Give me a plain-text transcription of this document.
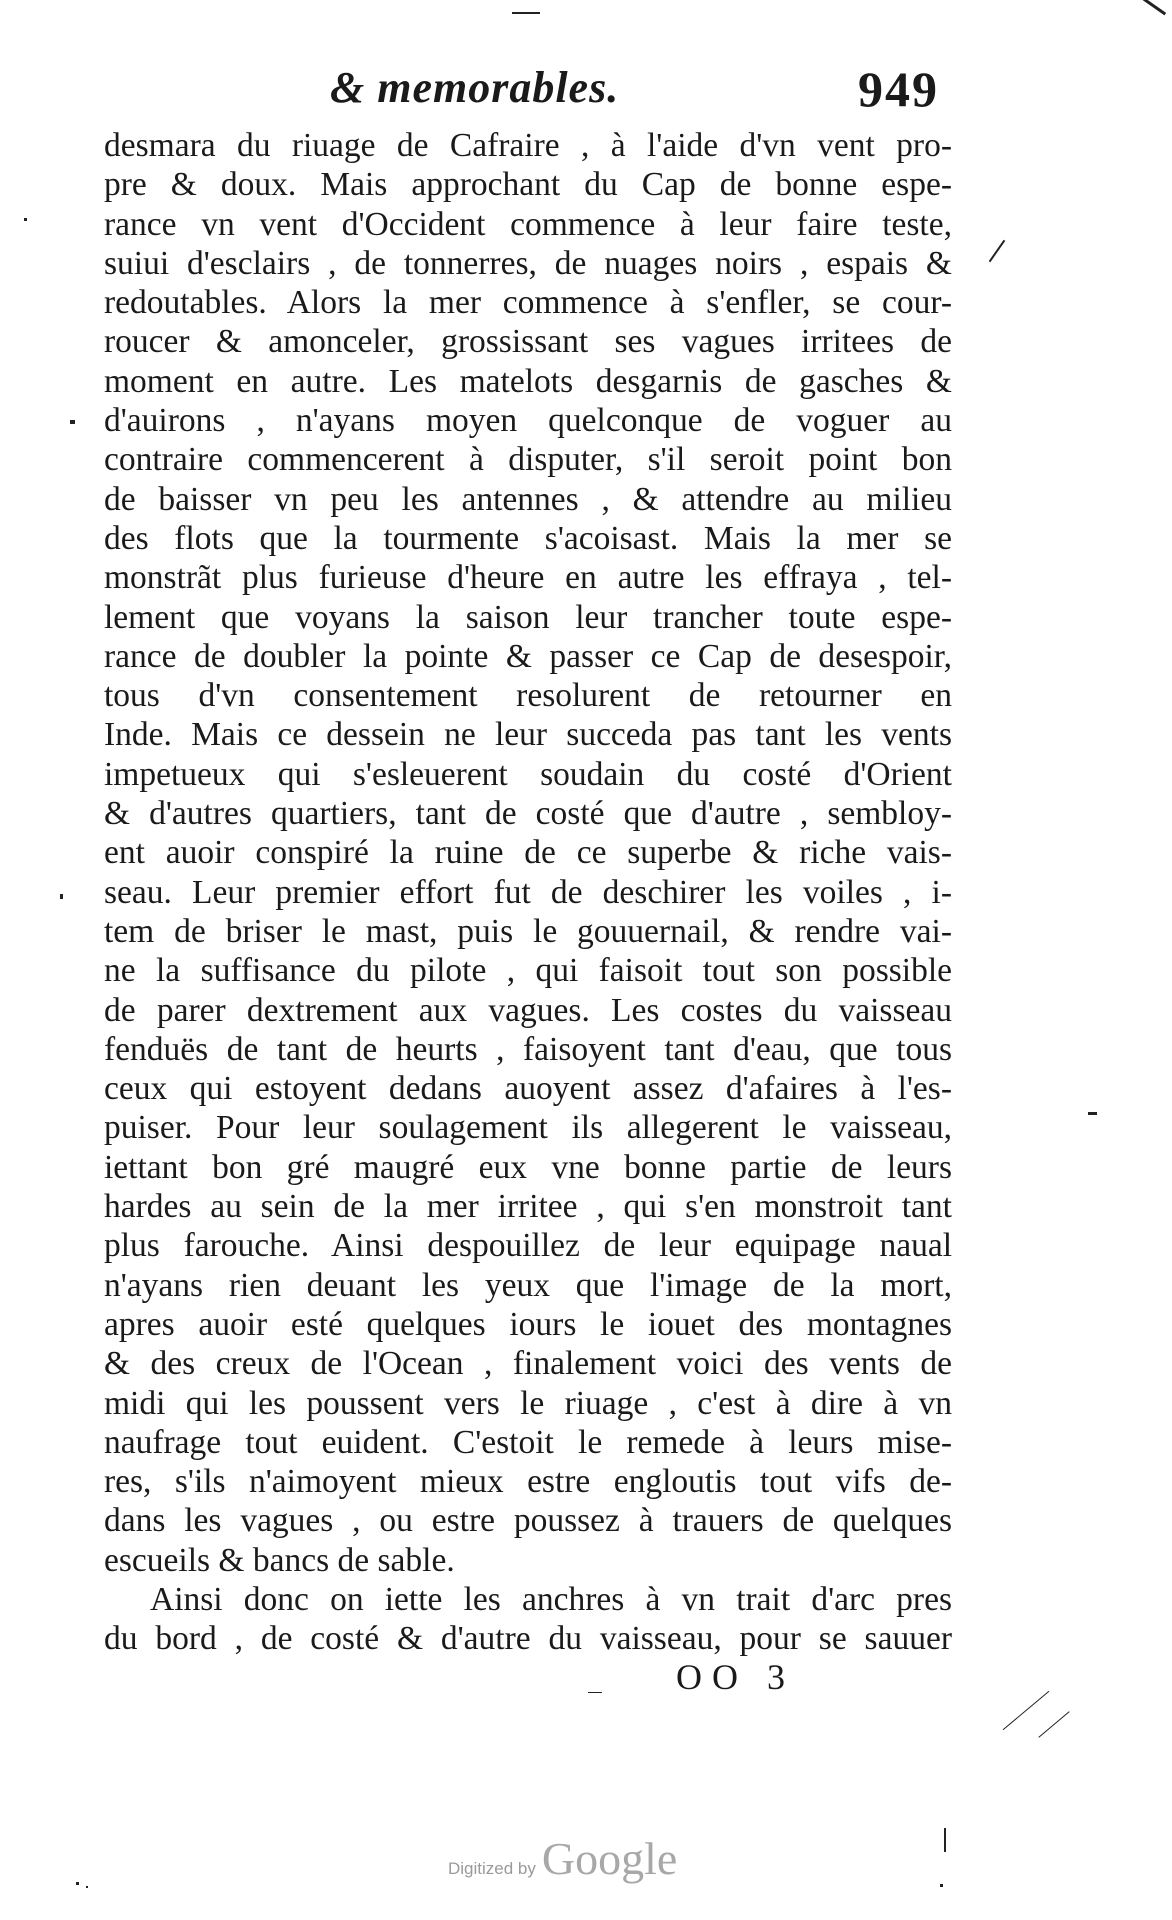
& memorables.	949
desmara du riuage de Cafraire , à l'aide d'vn vent pro-
pre & doux. Mais approchant du Cap de bonne espe-
rance vn vent d'Occident commence à leur faire teste,
suiui d'esclairs , de tonnerres, de nuages noirs , espais &
redoutables. Alors la mer commence à s'enfler, se cour-
roucer & amonceler, grossissant ses vagues irritees de
moment en autre. Les matelots desgarnis de gasches &
d'auirons , n'ayans moyen quelconque de voguer au
contraire commencerent à disputer, s'il seroit point bon
de baisser vn peu les antennes , & attendre au milieu
des flots que la tourmente s'acoisast. Mais la mer se
monstrãt plus furieuse d'heure en autre les effraya , tel-
lement que voyans la saison leur trancher toute espe-
rance de doubler la pointe & passer ce Cap de desespoir,
tous d'vn consentement resolurent de retourner en
Inde. Mais ce dessein ne leur succeda pas tant les vents
impetueux qui s'esleuerent soudain du costé d'Orient
& d'autres quartiers, tant de costé que d'autre , sembloy-
ent auoir conspiré la ruine de ce superbe & riche vais-
seau. Leur premier effort fut de deschirer les voiles , i-
tem de briser le mast, puis le gouuernail, & rendre vai-
ne la suffisance du pilote , qui faisoit tout son possible
de parer dextrement aux vagues. Les costes du vaisseau
fenduës de tant de heurts , faisoyent tant d'eau, que tous
ceux qui estoyent dedans auoyent assez d'afaires à l'es-
puiser. Pour leur soulagement ils allegerent le vaisseau,
iettant bon gré maugré eux vne bonne partie de leurs
hardes au sein de la mer irritee , qui s'en monstroit tant
plus farouche. Ainsi despouillez de leur equipage naual
n'ayans rien deuant les yeux que l'image de la mort,
apres auoir esté quelques iours le iouet des montagnes
& des creux de l'Ocean , finalement voici des vents de
midi qui les poussent vers le riuage , c'est à dire à vn
naufrage tout euident. C'estoit le remede à leurs mise-
res, s'ils n'aimoyent mieux estre engloutis tout vifs de-
dans les vagues , ou estre poussez à trauers de quelques
escueils & bancs de sable.
Ainsi donc on iette les anchres à vn trait d'arc pres
du bord , de costé & d'autre du vaisseau, pour se sauuer
OO 3
Digitized by Google
